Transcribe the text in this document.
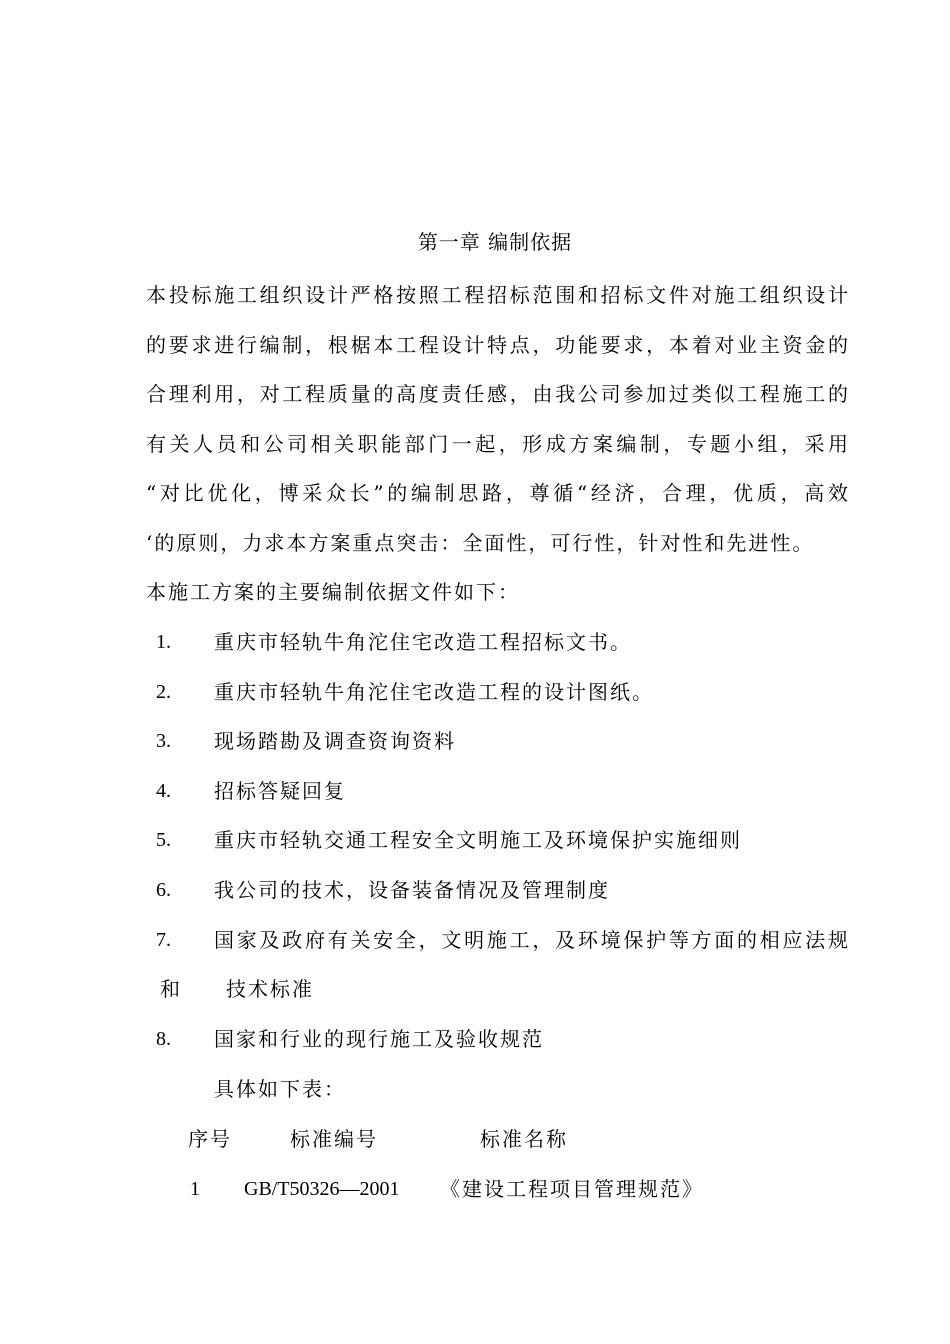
第一章 编制依据
本投标施工组织设计严格按照工程招标范围和招标文件对施工组织设计
的要求进行编制，根椐本工程设计特点，功能要求，本着对业主资金的
合理利用，对工程质量的高度责任感，由我公司参加过类似工程施工的
有关人员和公司相关职能部门一起，形成方案编制，专题小组，采用
“对比优化，博采众长”的编制思路，尊循“经济，合理，优质，高效
‘的原则，力求本方案重点突击：全面性，可行性，针对性和先进性。
本施工方案的主要编制依据文件如下：
1. 重庆市轻轨牛角沱住宅改造工程招标文书。
2. 重庆市轻轨牛角沱住宅改造工程的设计图纸。
3. 现场踏勘及调查资询资料
4. 招标答疑回复
5. 重庆市轻轨交通工程安全文明施工及环境保护实施细则
6. 我公司的技术，设备装备情况及管理制度
7. 国家及政府有关安全，文明施工，及环境保护等方面的相应法规
和 技术标准
8. 国家和行业的现行施工及验收规范
具体如下表：
序号	标准编号	标准名称
1 GB/T50326—2001 《建设工程项目管理规范》
